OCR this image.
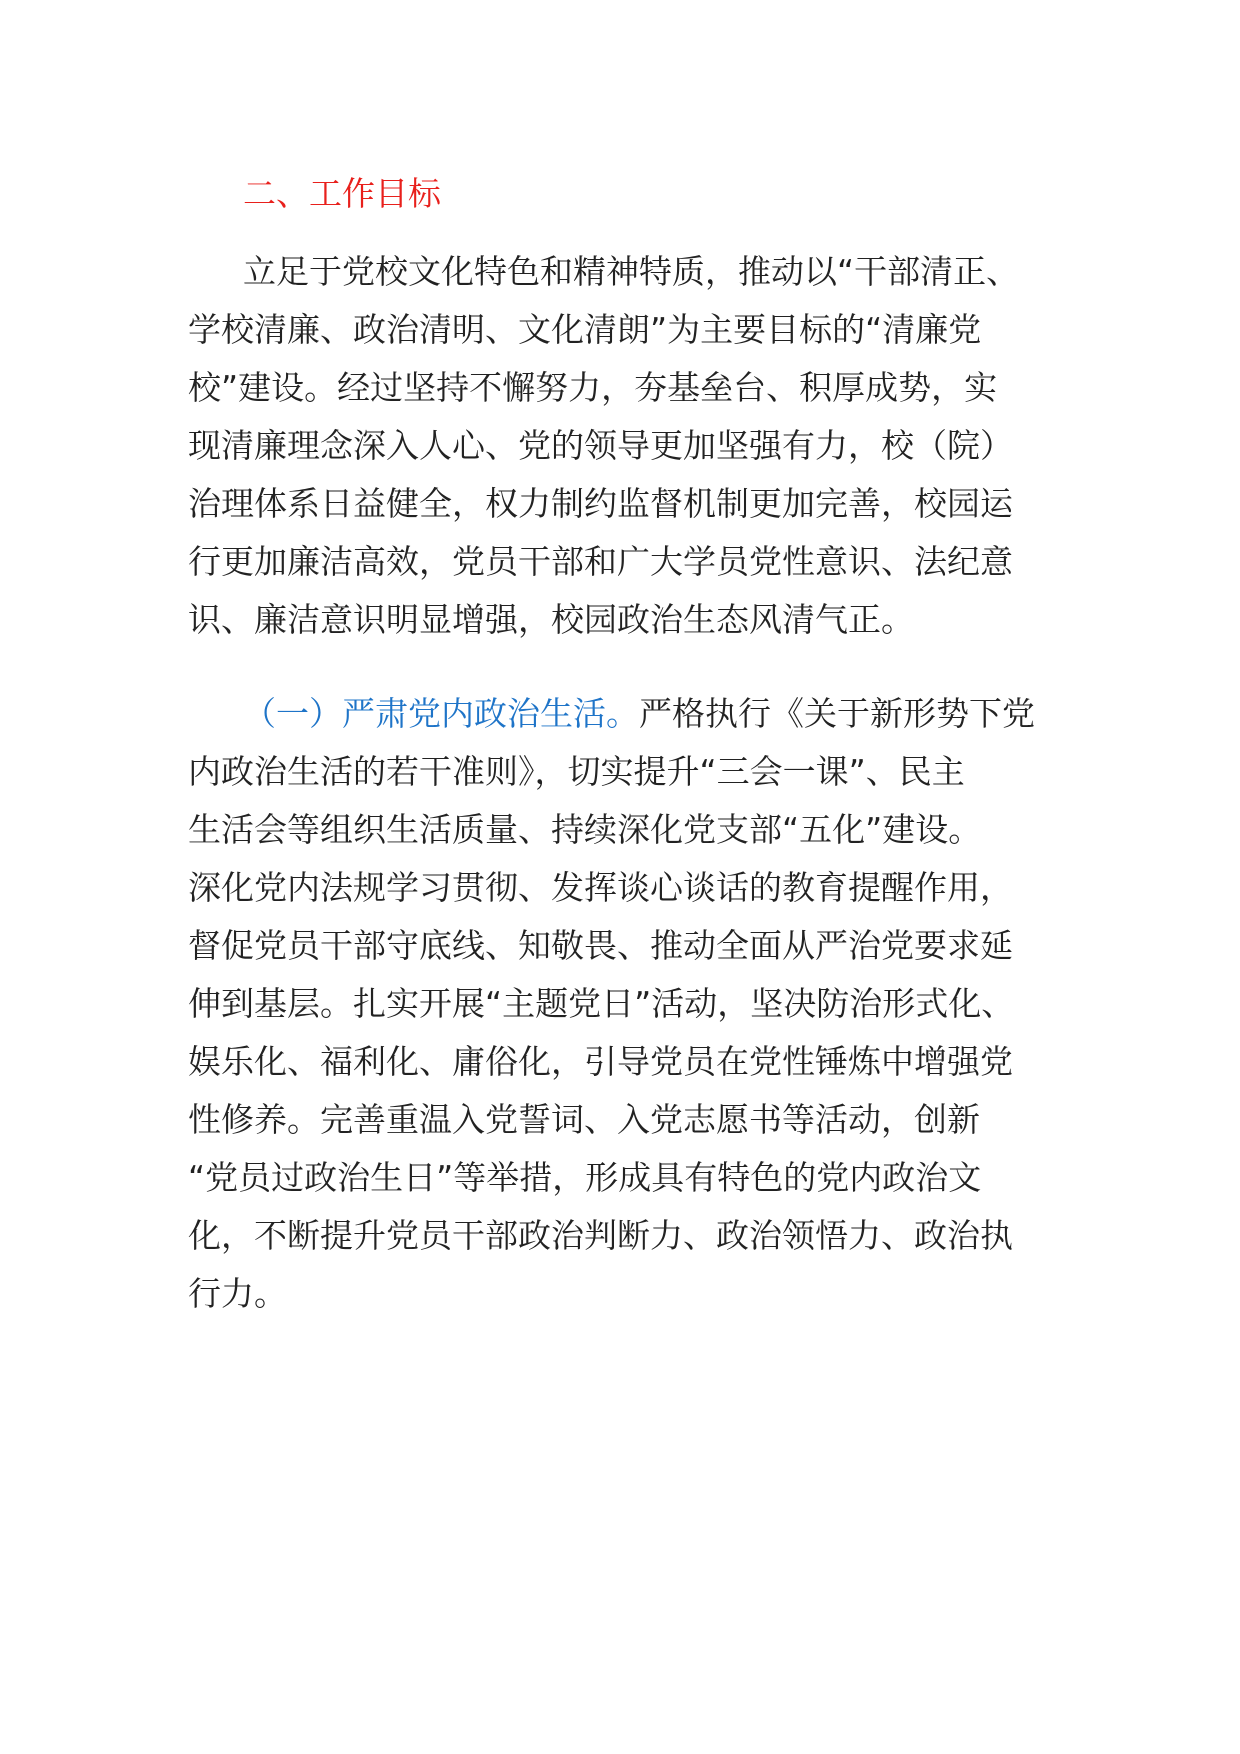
二、工作目标

立足于党校文化特色和精神特质，推动以“干部清正、

学校清廉、政治清明、文化清朗”为主要目标的“清廉党

校”建设。经过坚持不懈努力，夯基垒台、积厚成势，实

现清廉理念深入人心、党的领导更加坚强有力，校（院）

治理体系日益健全，权力制约监督机制更加完善，校园运

行更加廉洁高效，党员干部和广大学员党性意识、法纪意

识、廉洁意识明显增强，校园政治生态风清气正。

（一）严肃党内政治生活。严格执行《关于新形势下党

内政治生活的若干准则》，切实提升“三会一课”、民主

生活会等组织生活质量、持续深化党支部“五化”建设。

深化党内法规学习贯彻、发挥谈心谈话的教育提醒作用，

督促党员干部守底线、知敬畏、推动全面从严治党要求延

伸到基层。扎实开展“主题党日”活动，坚决防治形式化、

娱乐化、福利化、庸俗化，引导党员在党性锤炼中增强党

性修养。完善重温入党誓词、入党志愿书等活动，创新

“党员过政治生日”等举措，形成具有特色的党内政治文

化，不断提升党员干部政治判断力、政治领悟力、政治执

行力。
